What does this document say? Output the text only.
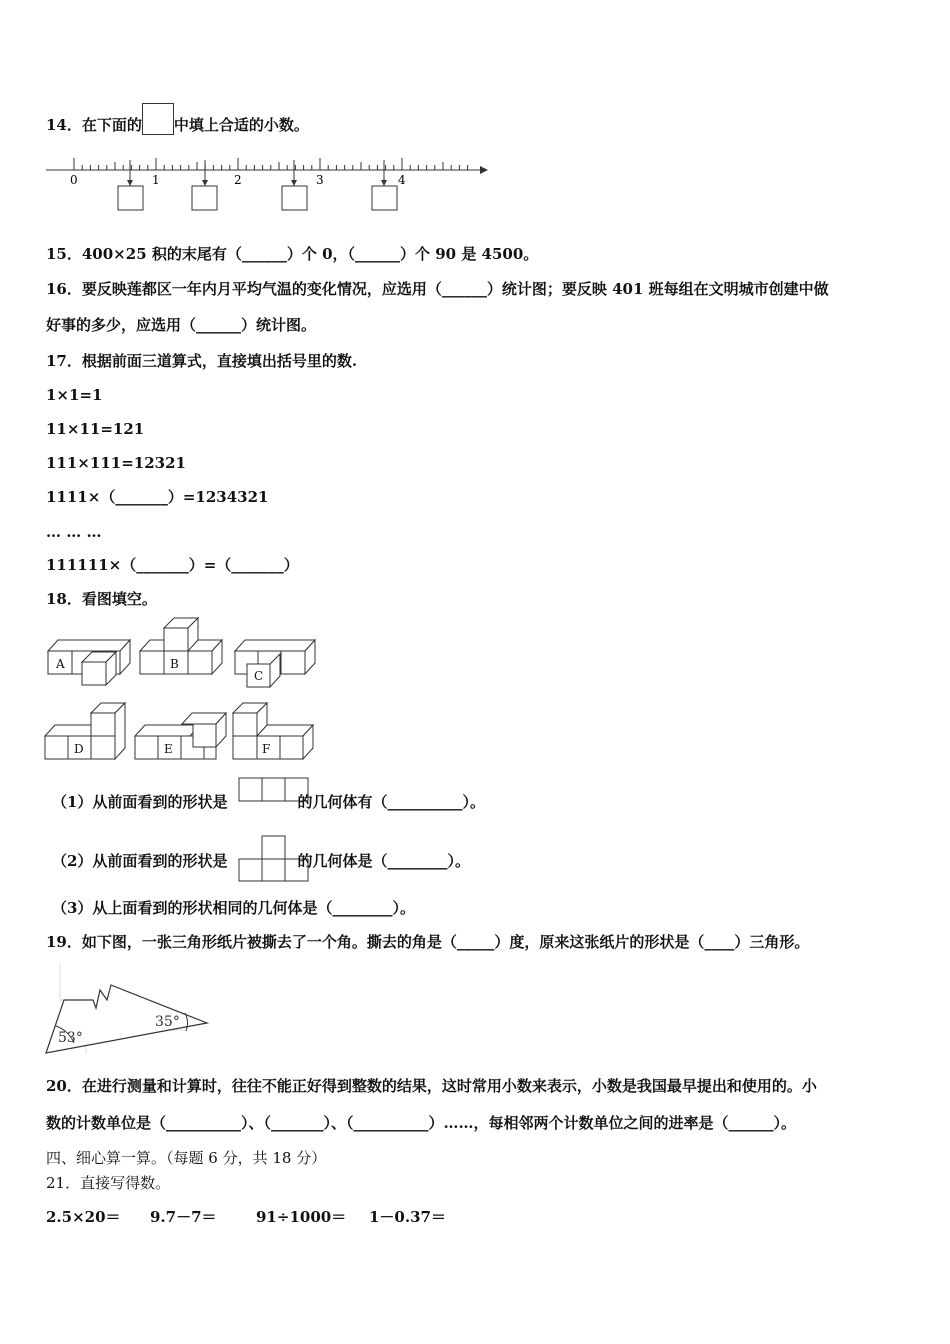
14．在下面的 中填上合适的小数。
0	1	2	3	4
15．400×25 积的末尾有（______）个 0，（______）个 90 是 4500。
16．要反映莲都区一年内月平均气温的变化情况，应选用（______）统计图；要反映 401 班每组在文明城市创建中做
好事的多少，应选用（______）统计图。
17．根据前面三道算式，直接填出括号里的数.
1×1=1
11×11=121
111×111=12321
1111×（_______）=1234321
… … …
111111×（_______）=（_______）
18．看图填空。
A	B
C
D	E	F
（1）从前面看到的形状是	的几何体有（__________）。
（2）从前面看到的形状是	的几何体是（________）。
（3）从上面看到的形状相同的几何体是（________）。
19．如下图，一张三角形纸片被撕去了一个角。撕去的角是（_____）度，原来这张纸片的形状是（____）三角形。
53°
35°
20．在进行测量和计算时，往往不能正好得到整数的结果，这时常用小数来表示，小数是我国最早提出和使用的。小
数的计数单位是（__________）、（_______）、（__________）……，每相邻两个计数单位之间的进率是（______）。
四、细心算一算。（每题 6 分，共 18 分）
21．直接写得数。
2.5×20＝ 9.7－7＝	91÷1000＝ 1－0.37＝
